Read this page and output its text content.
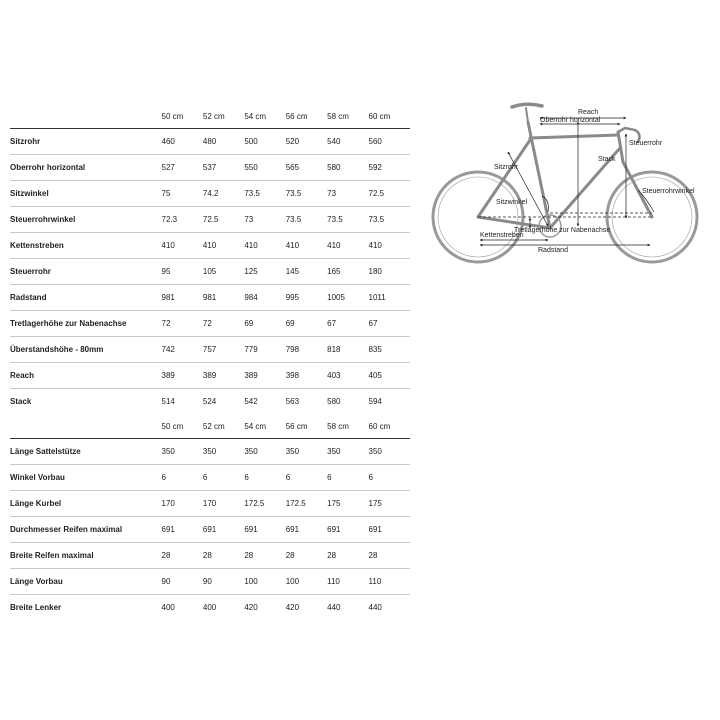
	50 cm	52 cm	54 cm	56 cm	58 cm	60 cm
Sitzrohr	460	480	500	520	540	560
Oberrohr horizontal	527	537	550	565	580	592
Sitzwinkel	75	74.2	73.5	73.5	73	72.5
Steuerrohrwinkel	72.3	72.5	73	73.5	73.5	73.5
Kettenstreben	410	410	410	410	410	410
Steuerrohr	95	105	125	145	165	180
Radstand	981	981	984	995	1005	1011
Tretlagerhöhe zur Nabenachse	72	72	69	69	67	67
Überstandshöhe - 80mm	742	757	779	798	818	835
Reach	389	389	389	398	403	405
Stack	514	524	542	563	580	594
	50 cm	52 cm	54 cm	56 cm	58 cm	60 cm
Länge Sattelstütze	350	350	350	350	350	350
Winkel Vorbau	6	6	6	6	6	6
Länge Kurbel	170	170	172.5	172.5	175	175
Durchmesser Reifen maximal	691	691	691	691	691	691
Breite Reifen maximal	28	28	28	28	28	28
Länge Vorbau	90	90	100	100	110	110
Breite Lenker	400	400	420	420	440	440
Reach
Oberrohr horizontal
Steuerrohr
Stack
Sitzrohr
Steuerrohrwinkel
Sitzwinkel
Tretlagerhöhe zur Nabenachse
Kettenstreben
Radstand
